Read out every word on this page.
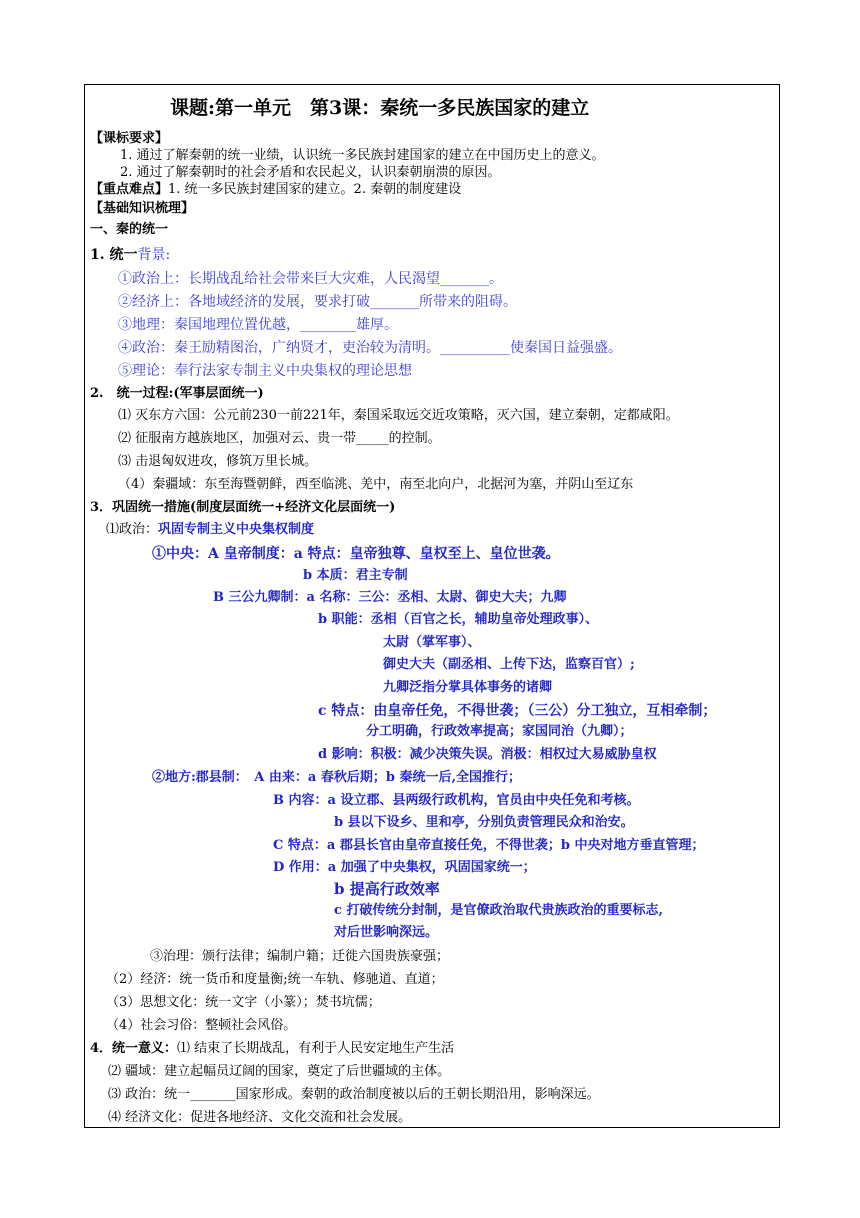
课题:第一单元　第3课：秦统一多民族国家的建立
【课标要求】
1. 通过了解秦朝的统一业绩，认识统一多民族封建国家的建立在中国历史上的意义。
2. 通过了解秦朝时的社会矛盾和农民起义，认识秦朝崩溃的原因。
【重点难点】1. 统一多民族封建国家的建立。2. 秦朝的制度建设
【基础知识梳理】
一、秦的统一
1. 统一背景:
①政治上：长期战乱给社会带来巨大灾难，人民渴望_______。
②经济上：各地域经济的发展，要求打破_______所带来的阻碍。
③地理：秦国地理位置优越，________雄厚。
④政治：秦王励精图治，广纳贤才，吏治较为清明。__________使秦国日益强盛。
⑤理论：奉行法家专制主义中央集权的理论思想
2.　统一过程:(军事层面统一)
⑴ 灭东方六国：公元前230一前221年，秦国采取远交近攻策略，灭六国，建立秦朝，定都咸阳。
⑵ 征服南方越族地区，加强对云、贵一带_____的控制。
⑶ 击退匈奴进攻，修筑万里长城。
（4）秦疆域：东至海暨朝鲜，西至临洮、羌中，南至北向户，北据河为塞，并阴山至辽东
3．巩固统一措施(制度层面统一+经济文化层面统一)
⑴政治：巩固专制主义中央集权制度
①中央：A 皇帝制度：a 特点：皇帝独尊、皇权至上、皇位世袭。
b 本质：君主专制
B 三公九卿制：a 名称：三公：丞相、太尉、御史大夫；九卿
b 职能：丞相（百官之长，辅助皇帝处理政事）、
太尉（掌军事）、
御史大夫（副丞相、上传下达，监察百官）;
九卿泛指分掌具体事务的诸卿
c 特点：由皇帝任免，不得世袭；（三公）分工独立，互相牵制；
分工明确，行政效率提高；家国同治（九卿）；
d 影响：积极：减少决策失误。消极：相权过大易威胁皇权
②地方:郡县制：　A 由来：a 春秋后期；b 秦统一后,全国推行；
B 内容：a 设立郡、县两级行政机构，官员由中央任免和考核。
b 县以下设乡、里和亭，分别负责管理民众和治安。
C 特点：a 郡县长官由皇帝直接任免，不得世袭；b 中央对地方垂直管理；
D 作用：a 加强了中央集权，巩固国家统一；
b 提高行政效率
c 打破传统分封制，是官僚政治取代贵族政治的重要标志,
对后世影响深远。
③治理：颁行法律；编制户籍；迁徙六国贵族豪强；
（2）经济：统一货币和度量衡;统一车轨、修驰道、直道；
（3）思想文化：统一文字（小篆）；焚书坑儒；
（4）社会习俗：整顿社会风俗。
4．统一意义：⑴ 结束了长期战乱，有利于人民安定地生产生活
⑵ 疆域：建立起幅员辽阔的国家，奠定了后世疆域的主体。
⑶ 政治：统一_______国家形成。秦朝的政治制度被以后的王朝长期沿用，影响深远。
⑷ 经济文化：促进各地经济、文化交流和社会发展。
